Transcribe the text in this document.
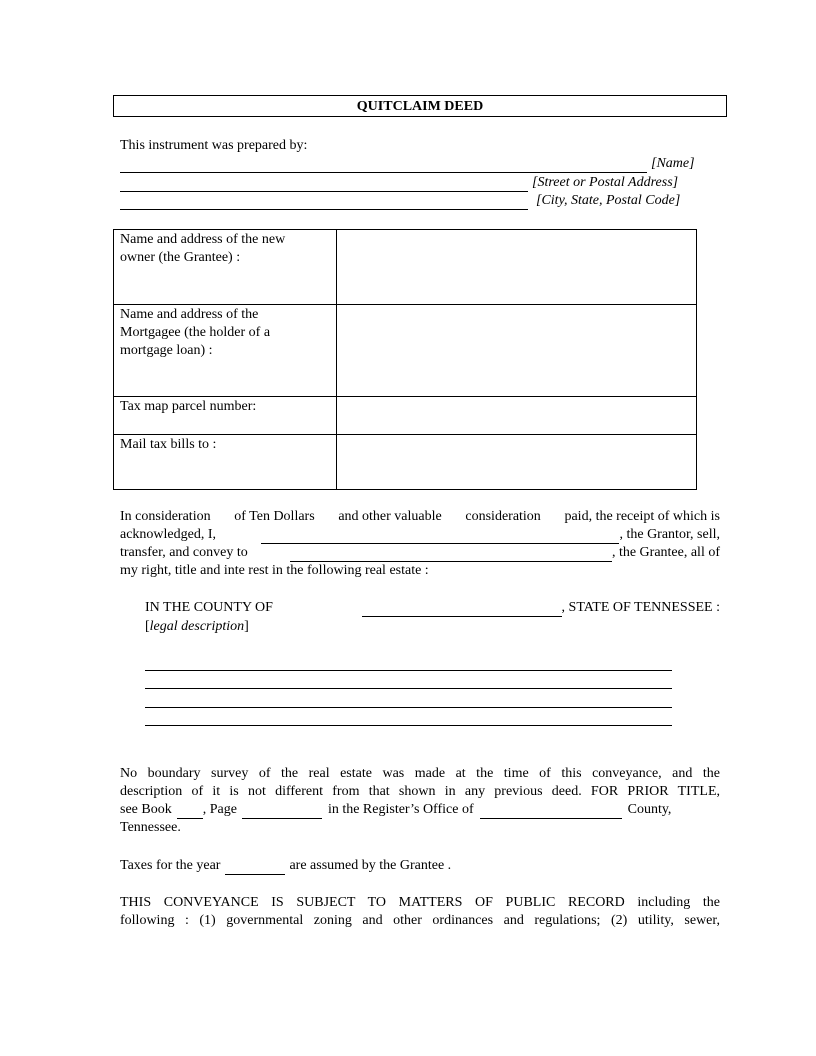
QUITCLAIM DEED
This instrument was prepared by:
[Name]
[Street or Postal Address]
[City, State, Postal Code]
Name and address of the new
owner (the Grantee) :	

Name and address of the
Mortgagee (the holder of a
mortgage loan) :	

Tax map parcel number:	
Mail tax bills to :	
In consideration of Ten Dollars and other valuable consideration paid, the receipt of which is
acknowledged, I,	, the Grantor, sell,
transfer, and convey to	, the Grantee, all of
my right, title and inte rest in the following real estate :
IN THE COUNTY OF	, STATE OF TENNESSEE :
[legal description]
No boundary survey of the real estate was made at the time of this conveyance, and the
description of it is not different from that shown in any previous deed. FOR PRIOR TITLE,
see Book , Page	in the Register’s Office of	County,
Tennessee.
Taxes for the year	are assumed by the Grantee .
THIS CONVEYANCE IS SUBJECT TO MATTERS OF PUBLIC RECORD including the
following : (1) governmental zoning and other ordinances and regulations; (2) utility, sewer,
